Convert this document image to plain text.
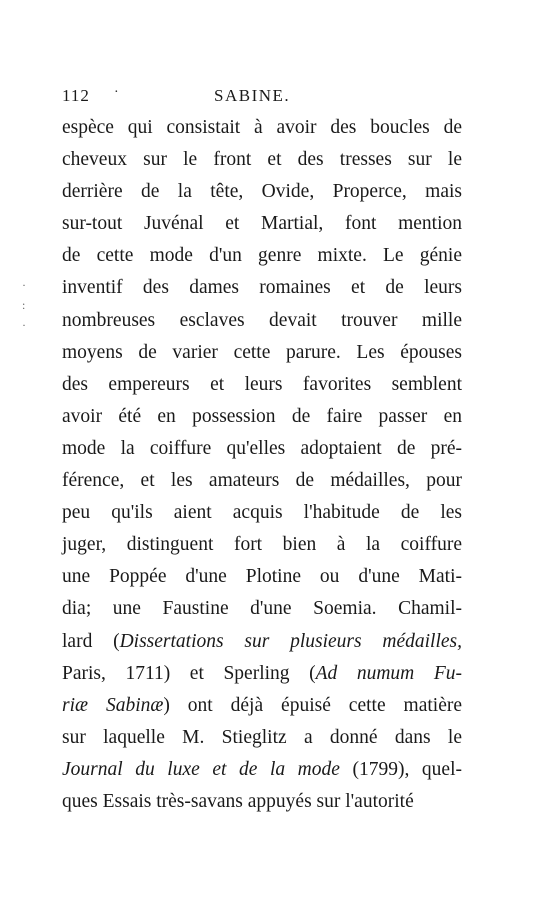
112 ·	SABINE.
·
:
·
espèce qui consistait à avoir des boucles de
cheveux sur le front et des tresses sur le
derrière de la tête, Ovide, Properce, mais
sur-tout Juvénal et Martial, font mention
de cette mode d'un genre mixte. Le génie
inventif des dames romaines et de leurs
nombreuses esclaves devait trouver mille
moyens de varier cette parure. Les épouses
des empereurs et leurs favorites semblent
avoir été en possession de faire passer en
mode la coiffure qu'elles adoptaient de pré-
férence, et les amateurs de médailles, pour
peu qu'ils aient acquis l'habitude de les
juger, distinguent fort bien à la coiffure
une Poppée d'une Plotine ou d'une Mati-
dia; une Faustine d'une Soemia. Chamil-
lard (Dissertations sur plusieurs médailles,
Paris, 1711) et Sperling (Ad numum Fu-
riæ Sabinæ) ont déjà épuisé cette matière
sur laquelle M. Stieglitz a donné dans le
Journal du luxe et de la mode (1799), quel-
ques Essais très-savans appuyés sur l'autorité
